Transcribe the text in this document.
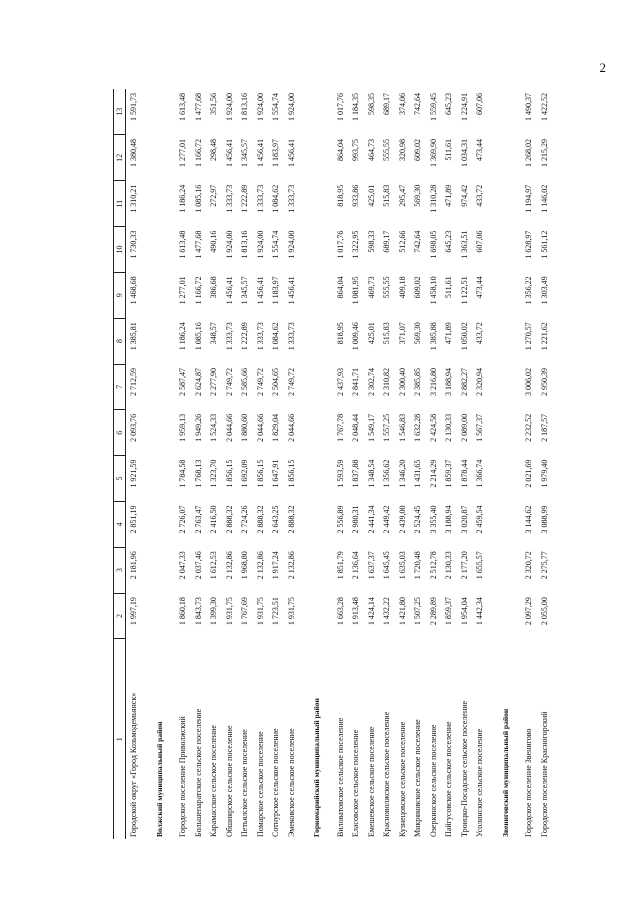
2
1	2	3	4	5	6	7	8	9	10	11	12	13
Городской округ «Город Козьмодемьянск»	1 997,19	2 181,96	2 851,19	1 921,59	2 093,76	2 712,59	1 385,81	1 468,68	1 730,33	1 310,21	1 380,48	1 591,73

Волжский муниципальный район												

Городское поселение Приволжский	1 860,18	2 047,33	2 726,07	1 784,58	1 959,13	2 587,47	1 186,24	1 277,01	1 613,48	1 186,24	1 277,01	1 613,48
Большепаратское сельское поселение	1 843,73	2 037,46	2 763,47	1 768,13	1 949,26	2 624,87	1 085,16	1 166,72	1 477,68	1 085,16	1 166,72	1 477,68
Карамасское сельское поселение	1 399,30	1 612,53	2 416,50	1 323,70	1 524,33	2 277,90	348,57	386,68	490,16	272,97	298,48	351,56
Обшиярское сельское поселение	1 931,75	2 132,86	2 888,32	1 856,15	2 044,66	2 749,72	1 333,73	1 456,41	1 924,00	1 333,73	1 456,41	1 924,00
Петьялское сельское поселение	1 767,69	1 968,80	2 724,26	1 692,09	1 880,60	2 585,66	1 222,89	1 345,57	1 813,16	1 222,89	1 345,57	1 813,16
Помарское сельское поселение	1 931,75	2 132,86	2 888,32	1 856,15	2 044,66	2 749,72	1 333,73	1 456,41	1 924,00	1 333,73	1 456,41	1 924,00
Сотнурское сельское поселение	1 723,51	1 917,24	2 643,25	1 647,91	1 829,04	2 504,65	1 084,62	1 183,97	1 554,74	1 084,62	1 183,97	1 554,74
Эмековское сельское поселение	1 931,75	2 132,86	2 888,32	1 856,15	2 044,66	2 749,72	1 333,73	1 456,41	1 924,00	1 333,73	1 456,41	1 924,00

Горномарийский муниципальный район												

Виловатовское сельское поселение	1 663,28	1 851,79	2 556,89	1 593,59	1 767,78	2 437,93	818,95	864,04	1 017,76	818,95	864,04	1 017,76
Еласовское сельское поселение	1 913,48	2 136,64	2 980,31	1 837,88	2 048,44	2 841,71	1 009,46	1 081,95	1 322,95	933,86	993,75	1 184,35
Емешевское сельское поселение	1 424,14	1 637,37	2 441,34	1 348,54	1 549,17	2 302,74	425,01	469,73	598,33	425,01	464,73	598,35
Красноволжское сельское поселение	1 432,22	1 645,45	2 449,42	1 356,62	1 557,25	2 310,82	515,83	555,55	689,17	515,83	555,55	689,17
Кузнецовское сельское поселение	1 421,80	1 635,03	2 439,00	1 346,20	1 546,83	2 300,40	371,07	409,18	512,66	295,47	320,98	374,06
Микряковское сельское поселение	1 507,25	1 720,48	2 524,45	1 431,65	1 632,28	2 385,85	569,30	609,02	742,64	569,30	609,02	742,64
Озеркинское сельское поселение	2 289,89	2 512,78	3 355,40	2 214,29	2 424,58	3 216,80	1 385,88	1 458,10	1 698,05	1 310,28	1 369,90	1 559,45
Пайгусовское сельское поселение	1 859,37	2 130,33	3 188,94	1 859,37	2 130,33	3 188,94	471,89	511,61	645,23	471,89	511,61	645,23
Троицко-Посадское сельское поселение	1 954,04	2 177,20	3 020,87	1 878,44	2 089,00	2 882,27	1 050,02	1 122,51	1 363,51	974,42	1 034,31	1 224,91
Усолинское сельское поселение	1 442,34	1 655,57	2 459,54	1 366,74	1 567,37	2 320,94	433,72	473,44	607,06	433,72	473,44	607,06

Звениговский муниципальный район												

Городское поселение Звенигово	2 097,29	2 320,72	3 144,62	2 021,69	2 232,52	3 006,02	1 270,57	1 356,22	1 628,97	1 194,97	1 268,02	1 490,37
Городское поселение Красногорский	2 055,00	2 275,77	3 088,99	1 979,40	2 187,57	2 950,39	1 221,62	1 303,49	1 561,12	1 146,02	1 215,29	1 422,52
